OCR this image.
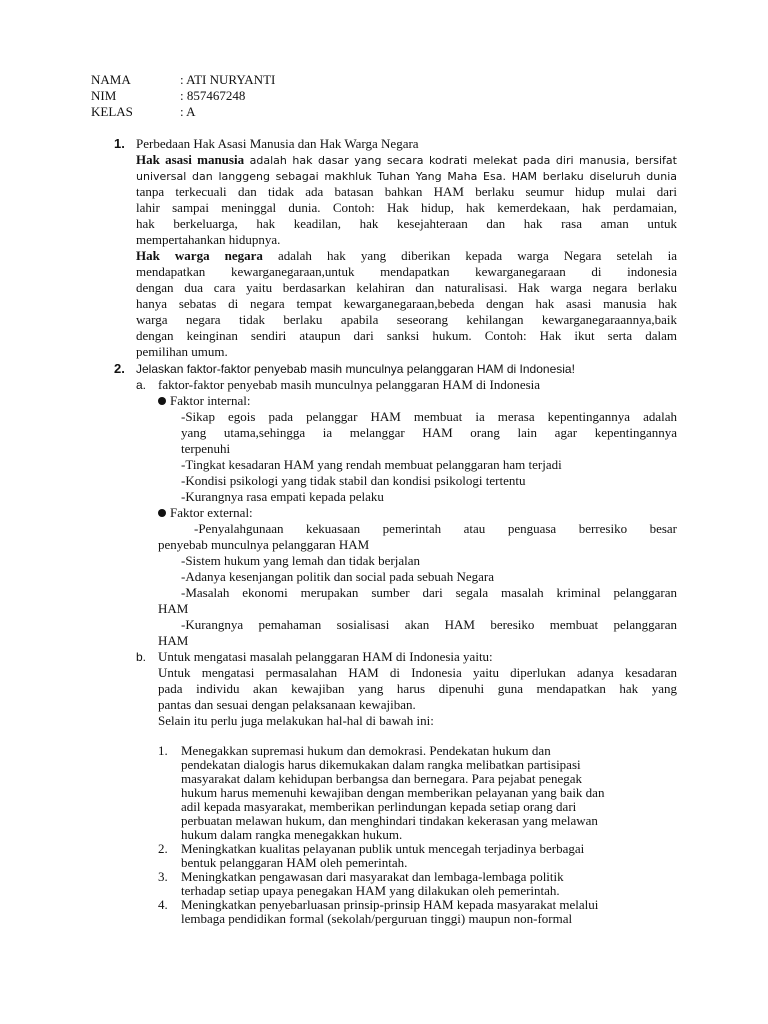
NAMA	: ATI NURYANTI
NIM	: 857467248
KELAS	: A
1. Perbedaan Hak Asasi Manusia dan Hak Warga Negara
Hak asasi manusia adalah hak dasar yang secara kodrati melekat pada diri manusia, bersifat
universal dan langgeng sebagai makhluk Tuhan Yang Maha Esa. HAM berlaku diseluruh dunia
tanpa terkecuali dan tidak ada batasan bahkan HAM berlaku seumur hidup mulai dari
lahir sampai meninggal dunia. Contoh: Hak hidup, hak kemerdekaan, hak perdamaian,
hak berkeluarga, hak keadilan, hak kesejahteraan dan hak rasa aman untuk
mempertahankan hidupnya.
Hak warga negara adalah hak yang diberikan kepada warga Negara setelah ia
mendapatkan kewarganegaraan,untuk mendapatkan kewarganegaraan di indonesia
dengan dua cara yaitu berdasarkan kelahiran dan naturalisasi. Hak warga negara berlaku
hanya sebatas di negara tempat kewarganegaraan,bebeda dengan hak asasi manusia hak
warga negara tidak berlaku apabila seseorang kehilangan kewarganegaraannya,baik
dengan keinginan sendiri ataupun dari sanksi hukum. Contoh: Hak ikut serta dalam
pemilihan umum.
2. Jelaskan faktor-faktor penyebab masih munculnya pelanggaran HAM di Indonesia!
a. faktor-faktor penyebab masih munculnya pelanggaran HAM di Indonesia
Faktor internal:
-Sikap egois pada pelanggar HAM membuat ia merasa kepentingannya adalah
yang utama,sehingga ia melanggar HAM orang lain agar kepentingannya
terpenuhi
-Tingkat kesadaran HAM yang rendah membuat pelanggaran ham terjadi
-Kondisi psikologi yang tidak stabil dan kondisi psikologi tertentu
-Kurangnya rasa empati kepada pelaku
Faktor external:
-Penyalahgunaan kekuasaan pemerintah atau penguasa berresiko besar
penyebab munculnya pelanggaran HAM
-Sistem hukum yang lemah dan tidak berjalan
-Adanya kesenjangan politik dan social pada sebuah Negara
-Masalah ekonomi merupakan sumber dari segala masalah kriminal pelanggaran
HAM
-Kurangnya pemahaman sosialisasi akan HAM beresiko membuat pelanggaran
HAM
b. Untuk mengatasi masalah pelanggaran HAM di Indonesia yaitu:
Untuk mengatasi permasalahan HAM di Indonesia yaitu diperlukan adanya kesadaran
pada individu akan kewajiban yang harus dipenuhi guna mendapatkan hak yang
pantas dan sesuai dengan pelaksanaan kewajiban.
Selain itu perlu juga melakukan hal-hal di bawah ini:
1. Menegakkan supremasi hukum dan demokrasi. Pendekatan hukum dan
pendekatan dialogis harus dikemukakan dalam rangka melibatkan partisipasi
masyarakat dalam kehidupan berbangsa dan bernegara. Para pejabat penegak
hukum harus memenuhi kewajiban dengan memberikan pelayanan yang baik dan
adil kepada masyarakat, memberikan perlindungan kepada setiap orang dari
perbuatan melawan hukum, dan menghindari tindakan kekerasan yang melawan
hukum dalam rangka menegakkan hukum.
2. Meningkatkan kualitas pelayanan publik untuk mencegah terjadinya berbagai
bentuk pelanggaran HAM oleh pemerintah.
3. Meningkatkan pengawasan dari masyarakat dan lembaga-lembaga politik
terhadap setiap upaya penegakan HAM yang dilakukan oleh pemerintah.
4. Meningkatkan penyebarluasan prinsip-prinsip HAM kepada masyarakat melalui
lembaga pendidikan formal (sekolah/perguruan tinggi) maupun non-formal
